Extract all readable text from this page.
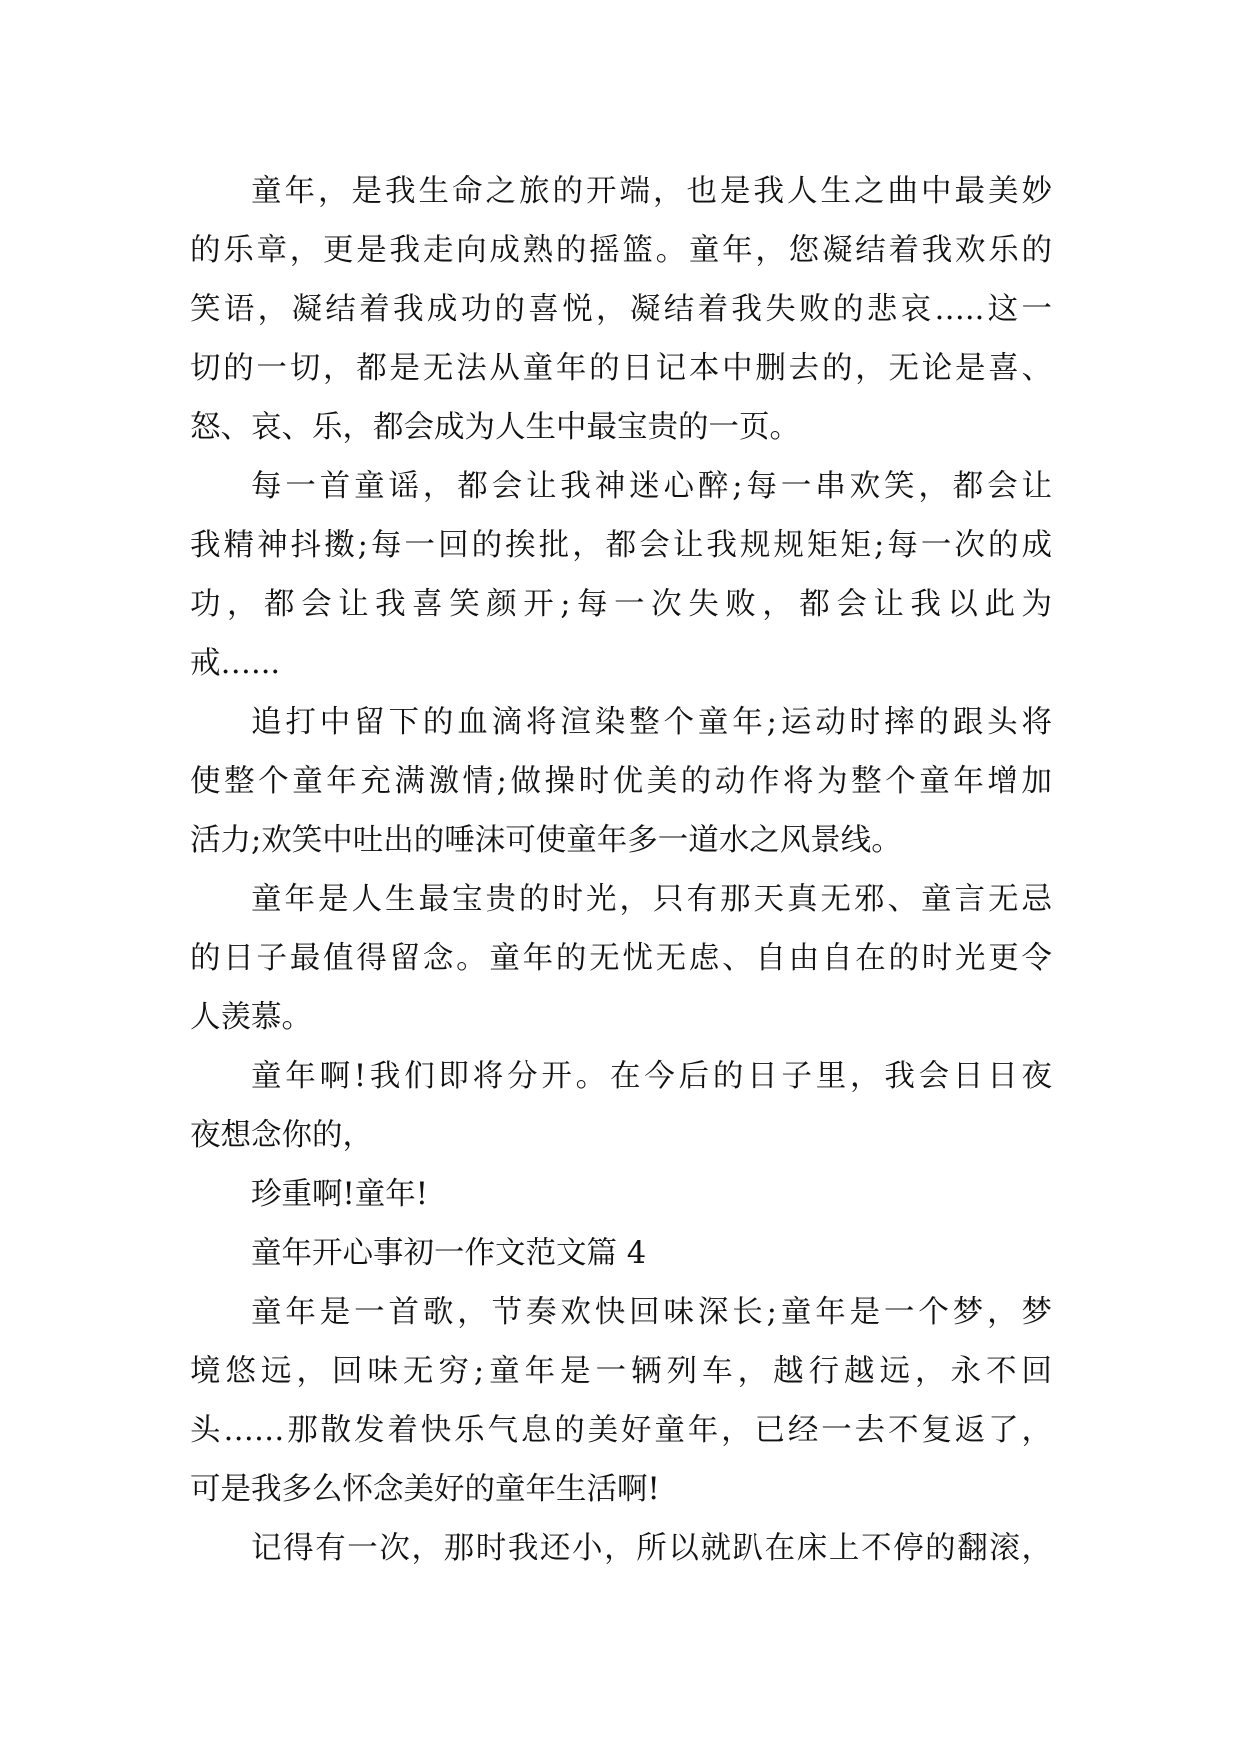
童年，是我生命之旅的开端，也是我人生之曲中最美妙
的乐章，更是我走向成熟的摇篮。童年，您凝结着我欢乐的
笑语，凝结着我成功的喜悦，凝结着我失败的悲哀…..这一
切的一切，都是无法从童年的日记本中删去的，无论是喜、
怒、哀、乐，都会成为人生中最宝贵的一页。

每一首童谣，都会让我神迷心醉;每一串欢笑，都会让
我精神抖擞;每一回的挨批，都会让我规规矩矩;每一次的成
功，都会让我喜笑颜开;每一次失败，都会让我以此为
戒…...

追打中留下的血滴将渲染整个童年;运动时摔的跟头将
使整个童年充满激情;做操时优美的动作将为整个童年增加
活力;欢笑中吐出的唾沫可使童年多一道水之风景线。

童年是人生最宝贵的时光，只有那天真无邪、童言无忌
的日子最值得留念。童年的无忧无虑、自由自在的时光更令
人羡慕。

童年啊!我们即将分开。在今后的日子里，我会日日夜
夜想念你的，

珍重啊!童年!

童年开心事初一作文范文篇 4

童年是一首歌，节奏欢快回味深长;童年是一个梦，梦
境悠远，回味无穷;童年是一辆列车，越行越远，永不回
头……那散发着快乐气息的美好童年，已经一去不复返了，
可是我多么怀念美好的童年生活啊!

记得有一次，那时我还小，所以就趴在床上不停的翻滚，
